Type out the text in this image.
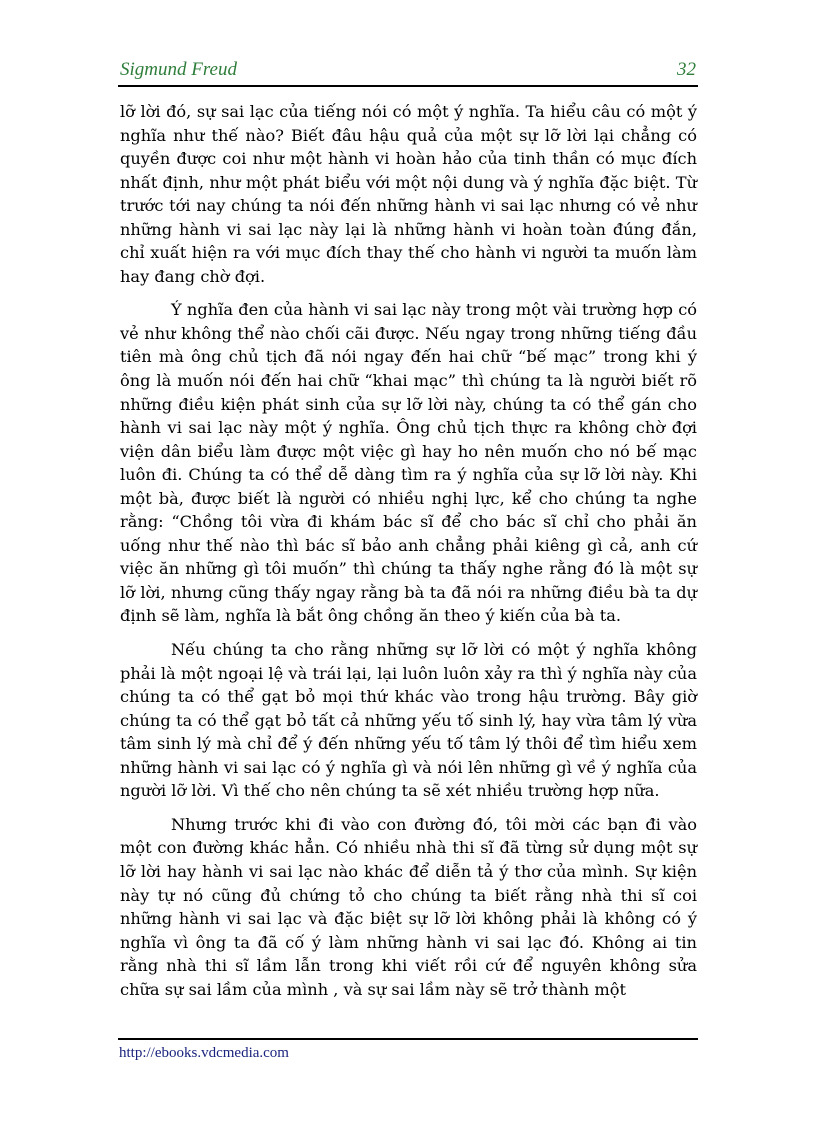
Sigmund Freud	32

lỡ lời đó, sự sai lạc của tiếng nói có một ý nghĩa. Ta hiểu câu có một ý nghĩa như thế nào? Biết đâu hậu quả của một sự lỡ lời lại chẳng có quyền được coi như một hành vi hoàn hảo của tinh thần có mục đích nhất định, như một phát biểu với một nội dung và ý nghĩa đặc biệt. Từ trước tới nay chúng ta nói đến những hành vi sai lạc nhưng có vẻ như những hành vi sai lạc này lại là những hành vi hoàn toàn đúng đắn, chỉ xuất hiện ra với mục đích thay thế cho hành vi người ta muốn làm hay đang chờ đợi.

Ý nghĩa đen của hành vi sai lạc này trong một vài trường hợp có vẻ như không thể nào chối cãi được. Nếu ngay trong những tiếng đầu tiên mà ông chủ tịch đã nói ngay đến hai chữ “bế mạc” trong khi ý ông là muốn nói đến hai chữ “khai mạc” thì chúng ta là người biết rõ những điều kiện phát sinh của sự lỡ lời này, chúng ta có thể gán cho hành vi sai lạc này một ý nghĩa. Ông chủ tịch thực ra không chờ đợi viện dân biểu làm được một việc gì hay ho nên muốn cho nó bế mạc luôn đi. Chúng ta có thể dễ dàng tìm ra ý nghĩa của sự lỡ lời này. Khi một bà, được biết là người có nhiều nghị lực, kể cho chúng ta nghe rằng: “Chồng tôi vừa đi khám bác sĩ để cho bác sĩ chỉ cho phải ăn uống như thế nào thì bác sĩ bảo anh chẳng phải kiêng gì cả, anh cứ việc ăn những gì tôi muốn” thì chúng ta thấy nghe rằng đó là một sự lỡ lời, nhưng cũng thấy ngay rằng bà ta đã nói ra những điều bà ta dự định sẽ làm, nghĩa là bắt ông chồng ăn theo ý kiến của bà ta.

Nếu chúng ta cho rằng những sự lỡ lời có một ý nghĩa không phải là một ngoại lệ và trái lại, lại luôn luôn xảy ra thì ý nghĩa này của chúng ta có thể gạt bỏ mọi thứ khác vào trong hậu trường. Bây giờ chúng ta có thể gạt bỏ tất cả những yếu tố sinh lý, hay vừa tâm lý vừa tâm sinh lý mà chỉ để ý đến những yếu tố tâm lý thôi để tìm hiểu xem những hành vi sai lạc có ý nghĩa gì và nói lên những gì về ý nghĩa của người lỡ lời. Vì thế cho nên chúng ta sẽ xét nhiều trường hợp nữa.

Nhưng trước khi đi vào con đường đó, tôi mời các bạn đi vào một con đường khác hẳn. Có nhiều nhà thi sĩ đã từng sử dụng một sự lỡ lời hay hành vi sai lạc nào khác để diễn tả ý thơ của mình. Sự kiện này tự nó cũng đủ chứng tỏ cho chúng ta biết rằng nhà thi sĩ coi những hành vi sai lạc và đặc biệt sự lỡ lời không phải là không có ý nghĩa vì ông ta đã cố ý làm những hành vi sai lạc đó. Không ai tin rằng nhà thi sĩ lầm lẫn trong khi viết rồi cứ để nguyên không sửa chữa sự sai lầm của mình , và sự sai lầm này sẽ trở thành một

http://ebooks.vdcmedia.com
